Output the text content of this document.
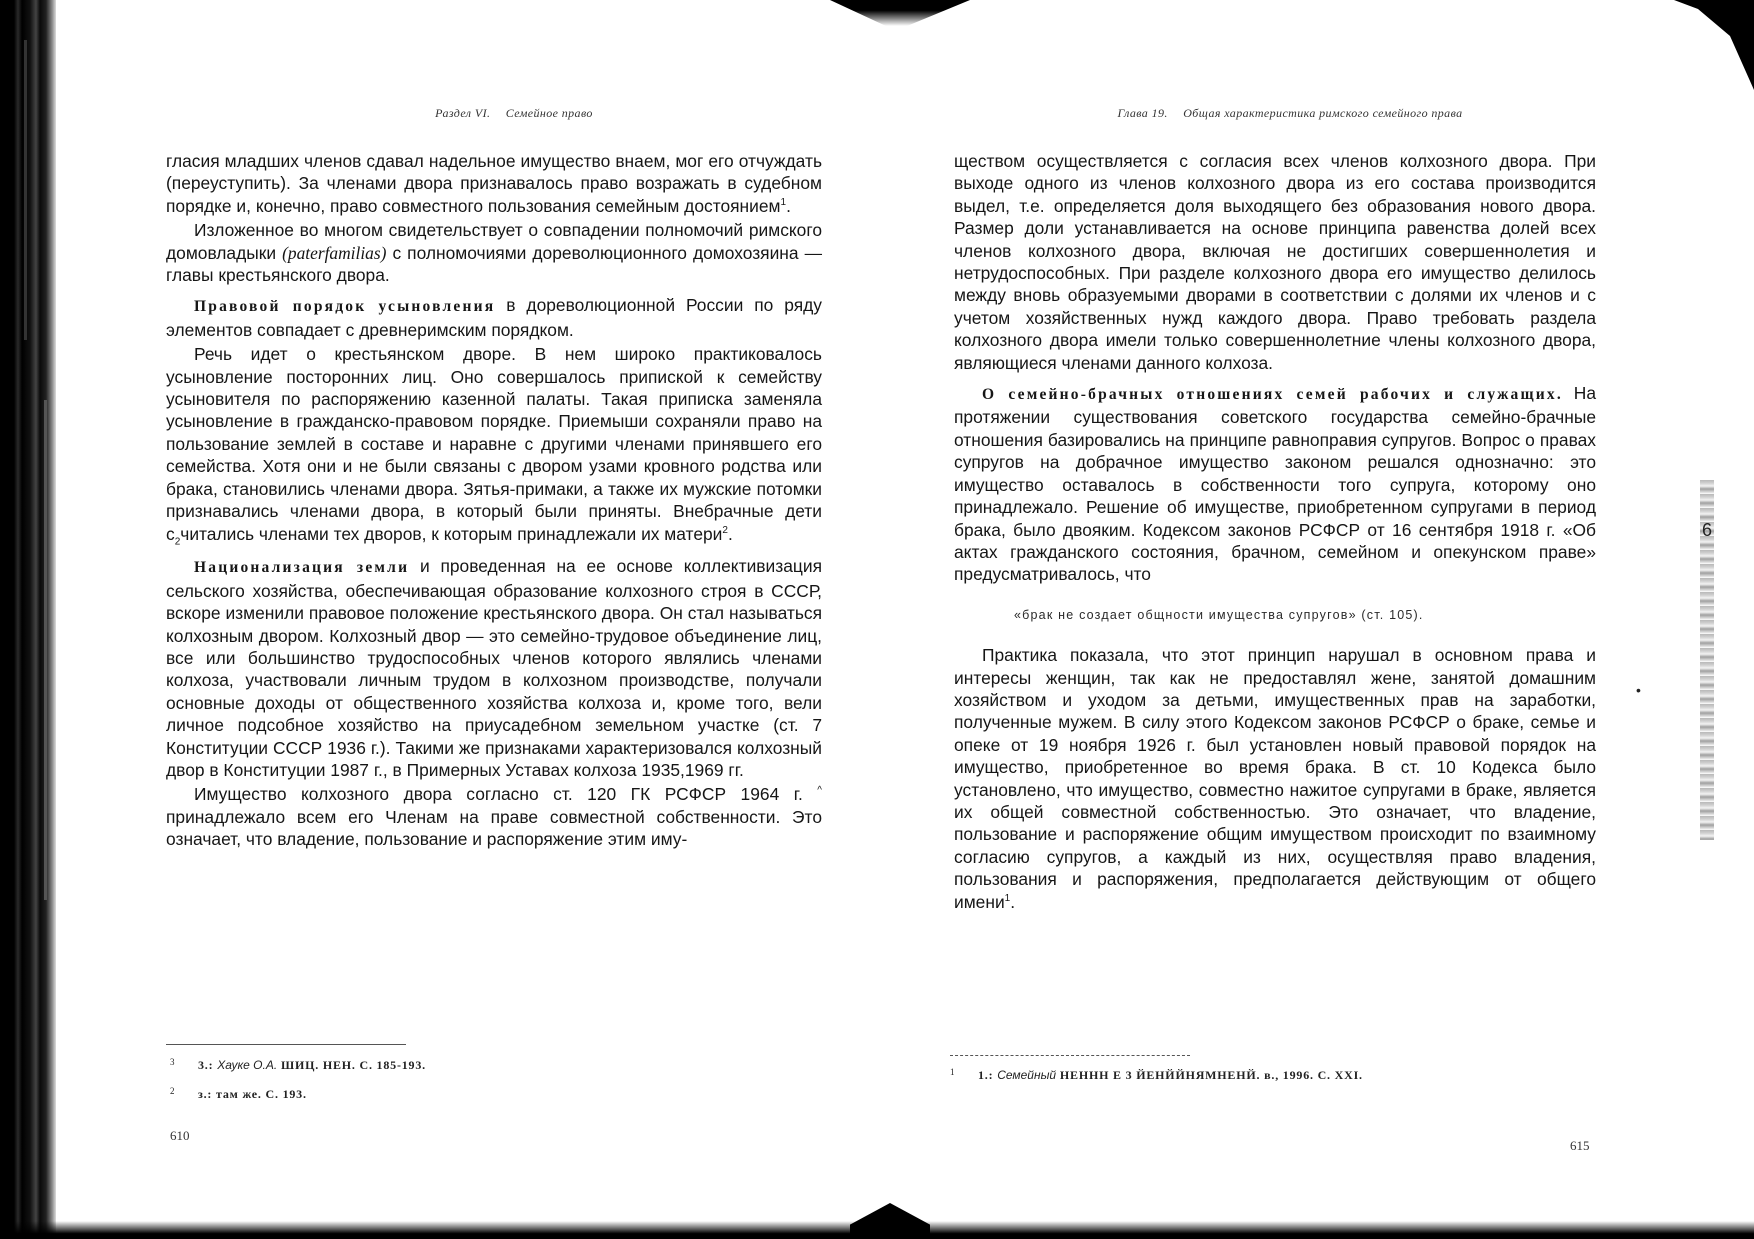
6
•
Раздел VI. Семейное право

гласия младших членов сдавал надельное имущество внаем, мог его отчуждать (переуступить). За членами двора признавалось право возражать в судебном порядке и, конечно, право совместного пользования семейным достоянием$^1$.

Изложенное во многом свидетельствует о совпадении полномочий римского домовладыки (paterfamilias) с полномочиями дореволюционного домохозяина — главы крестьянского двора.

Правовой порядок усыновления в дореволюционной России по ряду элементов совпадает с древнеримским порядком.

Речь идет о крестьянском дворе. В нем широко практиковалось усыновление посторонних лиц. Оно совершалось припиской к семейству усыновителя по распоряжению казенной палаты. Такая приписка заменяла усыновление в гражданско-правовом порядке. Приемыши сохраняли право на пользование землей в составе и наравне с другими членами принявшего его семейства. Хотя они и не были связаны с двором узами кровного родства или брака, становились членами двора. Зятья-примаки, а также их мужские потомки признавались членами двора, в который были приняты. Внебрачные дети $с_2читались$ членами тех дворов, к которым принадлежали их матери$^2$.

Национализация земли и проведенная на ее основе коллективизация сельского хозяйства, обеспечивающая образование колхозного строя в СССР, вскоре изменили правовое положение крестьянского двора. Он стал называться колхозным двором. Колхозный двор — это семейно-трудовое объединение лиц, все или большинство трудоспособных членов которого являлись членами колхоза, участвовали личным трудом в колхозном производстве, получали основные доходы от общественного хозяйства колхоза и, кроме того, вели личное подсобное хозяйство на приусадебном земельном участке (ст. 7 Конституции СССР 1936 г.). Такими же признаками характеризовался колхозный двор в Конституции 1987 г., в Примерных Уставах колхоза 1935,1969 гг.

Имущество колхозного двора согласно ст. 120 ГК РСФСР 1964 г. ^ принадлежало всем его Членам на праве совместной собственности. Это означает, что владение, пользование и распоряжение этим иму-

3 3.: Хауке О.А. ШИЦ. НЕН. С. 185-193.
2 з.: там же. С. 193.
610
Глава 19. Общая характеристика римского семейного права

ществом осуществляется с согласия всех членов колхозного двора. При выходе одного из членов колхозного двора из его состава производится выдел, т.е. определяется доля выходящего без образования нового двора. Размер доли устанавливается на основе принципа равенства долей всех членов колхозного двора, включая не достигших совершеннолетия и нетрудоспособных. При разделе колхозного двора его имущество делилось между вновь образуемыми дворами в соответствии с долями их членов и с учетом хозяйственных нужд каждого двора. Право требовать раздела колхозного двора имели только совершеннолетние члены колхозного двора, являющиеся членами данного колхоза.

О семейно-брачных отношениях семей рабочих и служащих. На протяжении существования советского государства семейно-брачные отношения базировались на принципе равноправия супругов. Вопрос о правах супругов на добрачное имущество законом решался однозначно: это имущество оставалось в собственности того супруга, которому оно принадлежало. Решение об имуществе, приобретенном супругами в период брака, было двояким. Кодексом законов РСФСР от 16 сентября 1918 г. «Об актах гражданского состояния, брачном, семейном и опекунском праве» предусматривалось, что

«брак не создает общности имущества супругов» (ст. 105).

Практика показала, что этот принцип нарушал в основном права и интересы женщин, так как не предоставлял жене, занятой домашним хозяйством и уходом за детьми, имущественных прав на заработки, полученные мужем. В силу этого Кодексом законов РСФСР о браке, семье и опеке от 19 ноября 1926 г. был установлен новый правовой порядок на имущество, приобретенное во время брака. В ст. 10 Кодекса было установлено, что имущество, совместно нажитое супругами в браке, является их общей совместной собственностью. Это означает, что владение, пользование и распоряжение общим имуществом происходит по взаимному согласию супругов, а каждый из них, осуществляя право владения, пользования и распоряжения, предполагается действующим от общего имени$^1$.

1 1.: Семейный НЕННН Е 3 ЙЕНЙЙНЯМНЕНЙ. в., 1996. С. XXI.
615
